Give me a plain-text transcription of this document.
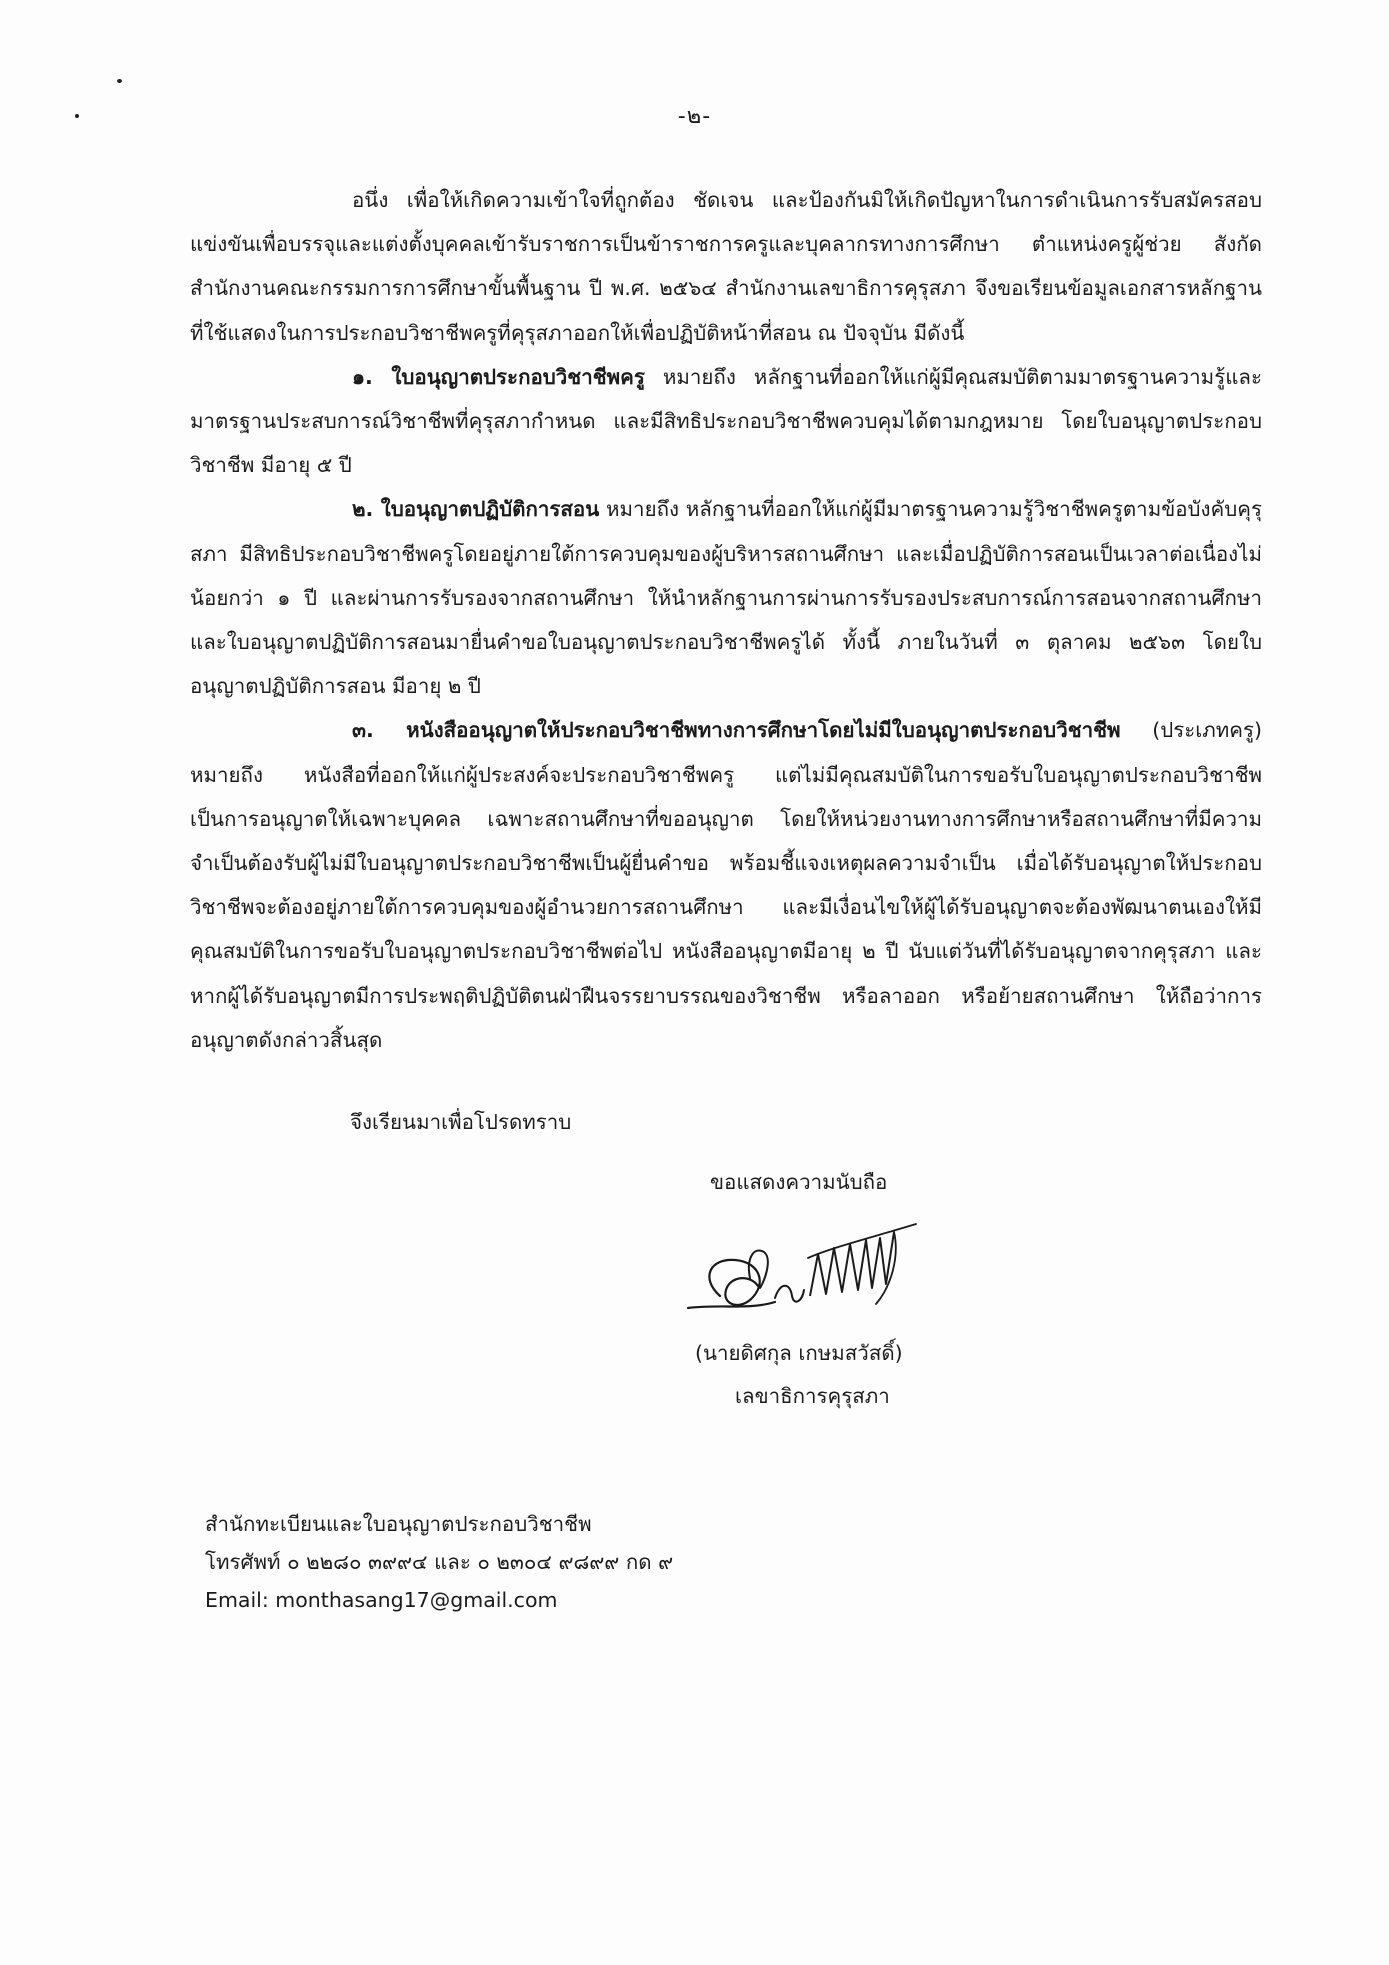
-๒-

อนึ่ง เพื่อให้เกิดความเข้าใจที่ถูกต้อง ชัดเจน และป้องกันมิให้เกิดปัญหาในการดำเนินการรับสมัครสอบแข่งขันเพื่อบรรจุและแต่งตั้งบุคคลเข้ารับราชการเป็นข้าราชการครูและบุคลากรทางการศึกษา ตำแหน่งครูผู้ช่วย สังกัดสำนักงานคณะกรรมการการศึกษาขั้นพื้นฐาน ปี พ.ศ. ๒๕๖๔ สำนักงานเลขาธิการคุรุสภา จึงขอเรียนข้อมูลเอกสารหลักฐานที่ใช้แสดงในการประกอบวิชาชีพครูที่คุรุสภาออกให้เพื่อปฏิบัติหน้าที่สอน ณ ปัจจุบัน มีดังนี้

๑. ใบอนุญาตประกอบวิชาชีพครู หมายถึง หลักฐานที่ออกให้แก่ผู้มีคุณสมบัติตามมาตรฐานความรู้และมาตรฐานประสบการณ์วิชาชีพที่คุรุสภากำหนด และมีสิทธิประกอบวิชาชีพควบคุมได้ตามกฎหมาย โดยใบอนุญาตประกอบวิชาชีพ มีอายุ ๕ ปี

๒. ใบอนุญาตปฏิบัติการสอน หมายถึง หลักฐานที่ออกให้แก่ผู้มีมาตรฐานความรู้วิชาชีพครูตามข้อบังคับคุรุสภา มีสิทธิประกอบวิชาชีพครูโดยอยู่ภายใต้การควบคุมของผู้บริหารสถานศึกษา และเมื่อปฏิบัติการสอนเป็นเวลาต่อเนื่องไม่น้อยกว่า ๑ ปี และผ่านการรับรองจากสถานศึกษา ให้นำหลักฐานการผ่านการรับรองประสบการณ์การสอนจากสถานศึกษาและใบอนุญาตปฏิบัติการสอนมายื่นคำขอใบอนุญาตประกอบวิชาชีพครูได้ ทั้งนี้ ภายในวันที่ ๓ ตุลาคม ๒๕๖๓ โดยใบอนุญาตปฏิบัติการสอน มีอายุ ๒ ปี

๓. หนังสืออนุญาตให้ประกอบวิชาชีพทางการศึกษาโดยไม่มีใบอนุญาตประกอบวิชาชีพ (ประเภทครู) หมายถึง หนังสือที่ออกให้แก่ผู้ประสงค์จะประกอบวิชาชีพครู แต่ไม่มีคุณสมบัติในการขอรับใบอนุญาตประกอบวิชาชีพ เป็นการอนุญาตให้เฉพาะบุคคล เฉพาะสถานศึกษาที่ขออนุญาต โดยให้หน่วยงานทางการศึกษาหรือสถานศึกษาที่มีความจำเป็นต้องรับผู้ไม่มีใบอนุญาตประกอบวิชาชีพเป็นผู้ยื่นคำขอ พร้อมชี้แจงเหตุผลความจำเป็น เมื่อได้รับอนุญาตให้ประกอบวิชาชีพจะต้องอยู่ภายใต้การควบคุมของผู้อำนวยการสถานศึกษา และมีเงื่อนไขให้ผู้ได้รับอนุญาตจะต้องพัฒนาตนเองให้มีคุณสมบัติในการขอรับใบอนุญาตประกอบวิชาชีพต่อไป หนังสืออนุญาตมีอายุ ๒ ปี นับแต่วันที่ได้รับอนุญาตจากคุรุสภา และหากผู้ได้รับอนุญาตมีการประพฤติปฏิบัติตนฝ่าฝืนจรรยาบรรณของวิชาชีพ หรือลาออก หรือย้ายสถานศึกษา ให้ถือว่าการอนุญาตดังกล่าวสิ้นสุด

จึงเรียนมาเพื่อโปรดทราบ
ขอแสดงความนับถือ
(นายดิศกุล เกษมสวัสดิ์)
เลขาธิการคุรุสภา
สำนักทะเบียนและใบอนุญาตประกอบวิชาชีพ
โทรศัพท์ ๐ ๒๒๘๐ ๓๙๙๔ และ ๐ ๒๓๐๔ ๙๘๙๙ กด ๙
Email: monthasang17@gmail.com
